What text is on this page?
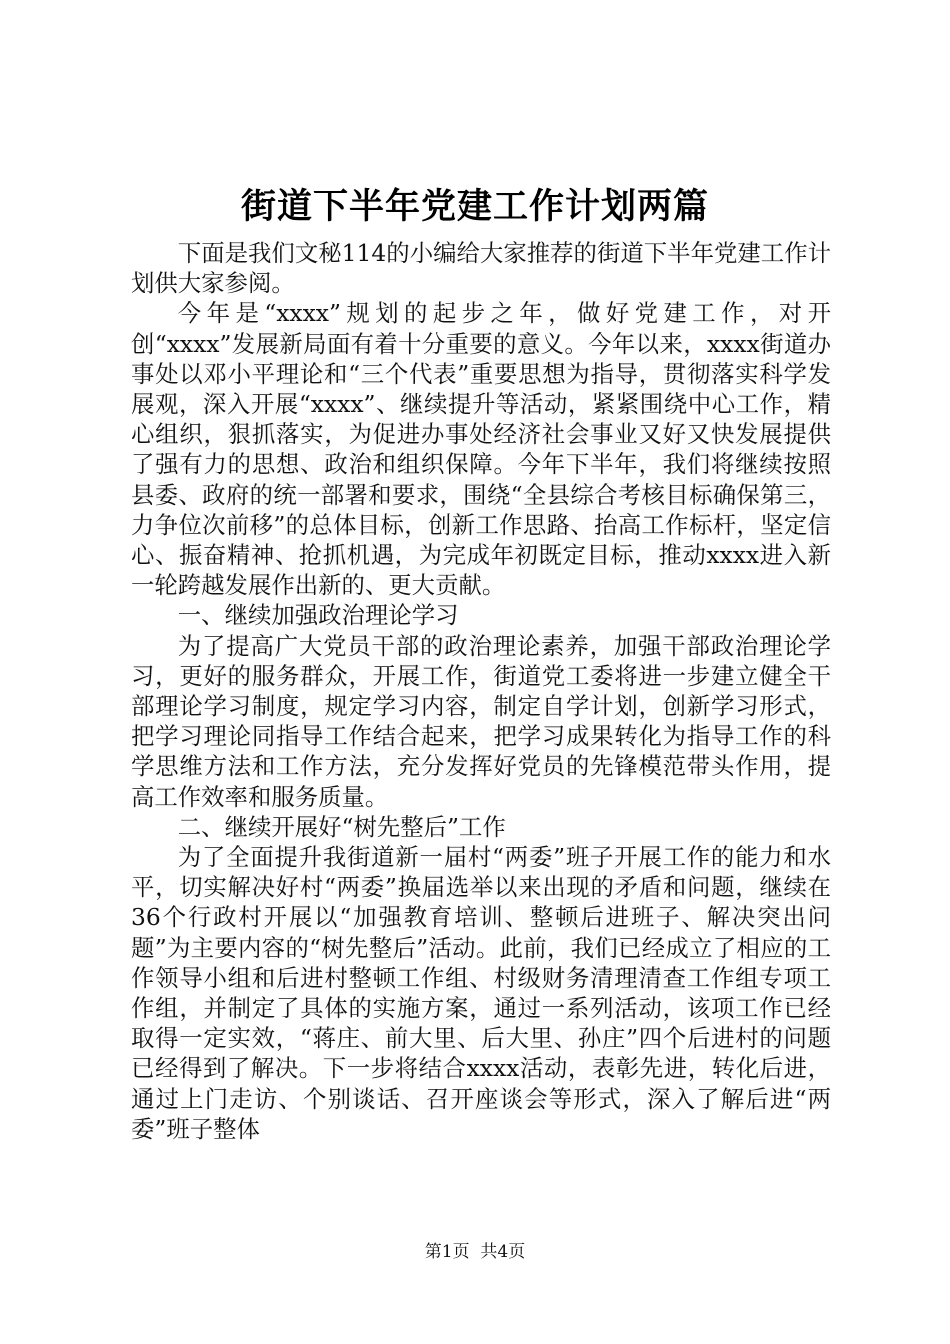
街道下半年党建工作计划两篇

下面是我们文秘114的小编给大家推荐的街道下半年党建工作计划供大家参阅。

今年是“xxxx”规划的起步之年，做好党建工作，对开创“xxxx”发展新局面有着十分重要的意义。今年以来，xxxx街道办事处以邓小平理论和“三个代表”重要思想为指导，贯彻落实科学发展观，深入开展“xxxx”、继续提升等活动，紧紧围绕中心工作，精心组织，狠抓落实，为促进办事处经济社会事业又好又快发展提供了强有力的思想、政治和组织保障。今年下半年，我们将继续按照县委、政府的统一部署和要求，围绕“全县综合考核目标确保第三，力争位次前移”的总体目标，创新工作思路、抬高工作标杆，坚定信心、振奋精神、抢抓机遇，为完成年初既定目标，推动xxxx进入新一轮跨越发展作出新的、更大贡献。

一、继续加强政治理论学习

为了提高广大党员干部的政治理论素养，加强干部政治理论学习，更好的服务群众，开展工作，街道党工委将进一步建立健全干部理论学习制度，规定学习内容，制定自学计划，创新学习形式，把学习理论同指导工作结合起来，把学习成果转化为指导工作的科学思维方法和工作方法，充分发挥好党员的先锋模范带头作用，提高工作效率和服务质量。

二、继续开展好“树先整后”工作

为了全面提升我街道新一届村“两委”班子开展工作的能力和水平，切实解决好村“两委”换届选举以来出现的矛盾和问题，继续在36个行政村开展以“加强教育培训、整顿后进班子、解决突出问题”为主要内容的“树先整后”活动。此前，我们已经成立了相应的工作领导小组和后进村整顿工作组、村级财务清理清查工作组专项工作组，并制定了具体的实施方案，通过一系列活动，该项工作已经取得一定实效，“蒋庄、前大里、后大里、孙庄”四个后进村的问题已经得到了解决。下一步将结合xxxx活动，表彰先进，转化后进，通过上门走访、个别谈话、召开座谈会等形式，深入了解后进“两委”班子整体

第1页  共4页
